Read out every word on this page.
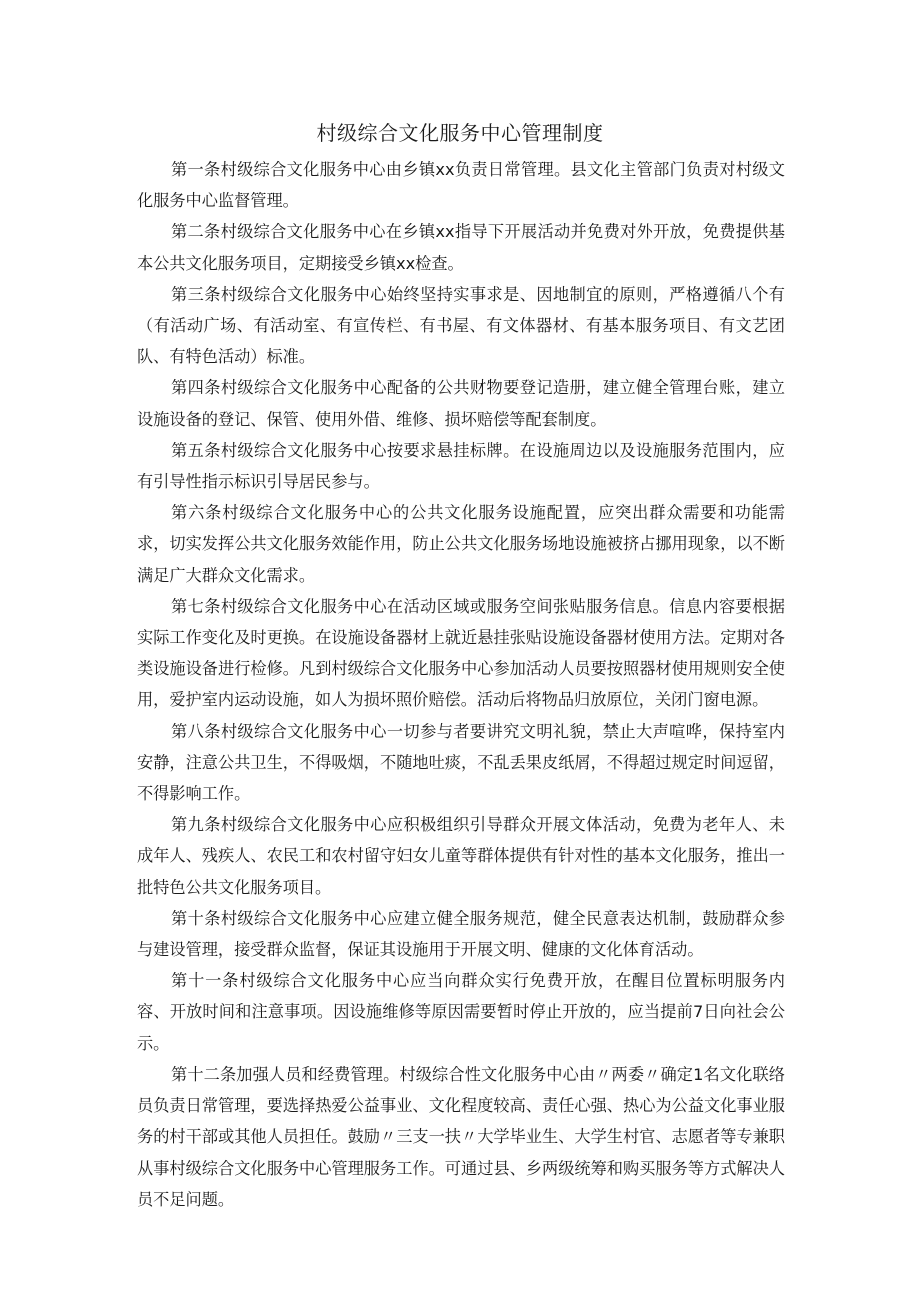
村级综合文化服务中心管理制度

第一条村级综合文化服务中心由乡镇xx负责日常管理。县文化主管部门负责对村级文化服务中心监督管理。

第二条村级综合文化服务中心在乡镇xx指导下开展活动并免费对外开放，免费提供基本公共文化服务项目，定期接受乡镇xx检查。

第三条村级综合文化服务中心始终坚持实事求是、因地制宜的原则，严格遵循八个有（有活动广场、有活动室、有宣传栏、有书屋、有文体器材、有基本服务项目、有文艺团队、有特色活动）标准。

第四条村级综合文化服务中心配备的公共财物要登记造册，建立健全管理台账，建立设施设备的登记、保管、使用外借、维修、损坏赔偿等配套制度。

第五条村级综合文化服务中心按要求悬挂标牌。在设施周边以及设施服务范围内，应有引导性指示标识引导居民参与。

第六条村级综合文化服务中心的公共文化服务设施配置，应突出群众需要和功能需求，切实发挥公共文化服务效能作用，防止公共文化服务场地设施被挤占挪用现象，以不断满足广大群众文化需求。

第七条村级综合文化服务中心在活动区域或服务空间张贴服务信息。信息内容要根据实际工作变化及时更换。在设施设备器材上就近悬挂张贴设施设备器材使用方法。定期对各类设施设备进行检修。凡到村级综合文化服务中心参加活动人员要按照器材使用规则安全使用，爱护室内运动设施，如人为损坏照价赔偿。活动后将物品归放原位，关闭门窗电源。

第八条村级综合文化服务中心一切参与者要讲究文明礼貌，禁止大声喧哗，保持室内安静，注意公共卫生，不得吸烟，不随地吐痰，不乱丢果皮纸屑，不得超过规定时间逗留，不得影响工作。

第九条村级综合文化服务中心应积极组织引导群众开展文体活动，免费为老年人、未成年人、残疾人、农民工和农村留守妇女儿童等群体提供有针对性的基本文化服务，推出一批特色公共文化服务项目。

第十条村级综合文化服务中心应建立健全服务规范，健全民意表达机制，鼓励群众参与建设管理，接受群众监督，保证其设施用于开展文明、健康的文化体育活动。

第十一条村级综合文化服务中心应当向群众实行免费开放，在醒目位置标明服务内容、开放时间和注意事项。因设施维修等原因需要暂时停止开放的，应当提前7日向社会公示。

第十二条加强人员和经费管理。村级综合性文化服务中心由〃两委〃确定1名文化联络员负责日常管理，要选择热爱公益事业、文化程度较高、责任心强、热心为公益文化事业服务的村干部或其他人员担任。鼓励〃三支一扶〃大学毕业生、大学生村官、志愿者等专兼职从事村级综合文化服务中心管理服务工作。可通过县、乡两级统筹和购买服务等方式解决人员不足问题。
